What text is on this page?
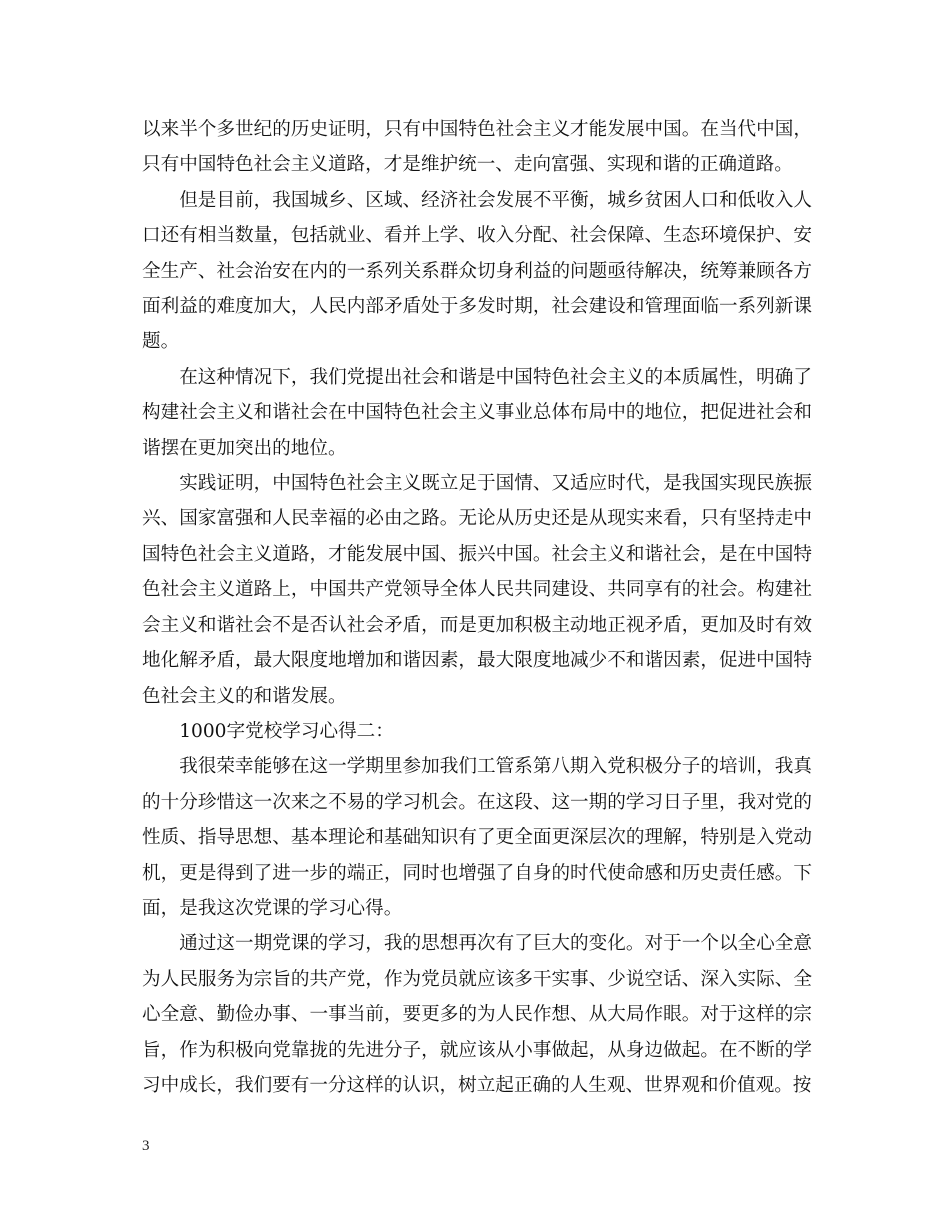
以来半个多世纪的历史证明，只有中国特色社会主义才能发展中国。在当代中国，只有中国特色社会主义道路，才是维护统一、走向富强、实现和谐的正确道路。

但是目前，我国城乡、区域、经济社会发展不平衡，城乡贫困人口和低收入人口还有相当数量，包括就业、看并上学、收入分配、社会保障、生态环境保护、安全生产、社会治安在内的一系列关系群众切身利益的问题亟待解决，统筹兼顾各方面利益的难度加大，人民内部矛盾处于多发时期，社会建设和管理面临一系列新课题。

在这种情况下，我们党提出社会和谐是中国特色社会主义的本质属性，明确了构建社会主义和谐社会在中国特色社会主义事业总体布局中的地位，把促进社会和谐摆在更加突出的地位。

实践证明，中国特色社会主义既立足于国情、又适应时代，是我国实现民族振兴、国家富强和人民幸福的必由之路。无论从历史还是从现实来看，只有坚持走中国特色社会主义道路，才能发展中国、振兴中国。社会主义和谐社会，是在中国特色社会主义道路上，中国共产党领导全体人民共同建设、共同享有的社会。构建社会主义和谐社会不是否认社会矛盾，而是更加积极主动地正视矛盾，更加及时有效地化解矛盾，最大限度地增加和谐因素，最大限度地减少不和谐因素，促进中国特色社会主义的和谐发展。

1000字党校学习心得二：

我很荣幸能够在这一学期里参加我们工管系第八期入党积极分子的培训，我真的十分珍惜这一次来之不易的学习机会。在这段、这一期的学习日子里，我对党的性质、指导思想、基本理论和基础知识有了更全面更深层次的理解，特别是入党动机，更是得到了进一步的端正，同时也增强了自身的时代使命感和历史责任感。下面，是我这次党课的学习心得。

通过这一期党课的学习，我的思想再次有了巨大的变化。对于一个以全心全意为人民服务为宗旨的共产党，作为党员就应该多干实事、少说空话、深入实际、全心全意、勤俭办事、一事当前，要更多的为人民作想、从大局作眼。对于这样的宗旨，作为积极向党靠拢的先进分子，就应该从小事做起，从身边做起。在不断的学习中成长，我们要有一分这样的认识，树立起正确的人生观、世界观和价值观。按

3
